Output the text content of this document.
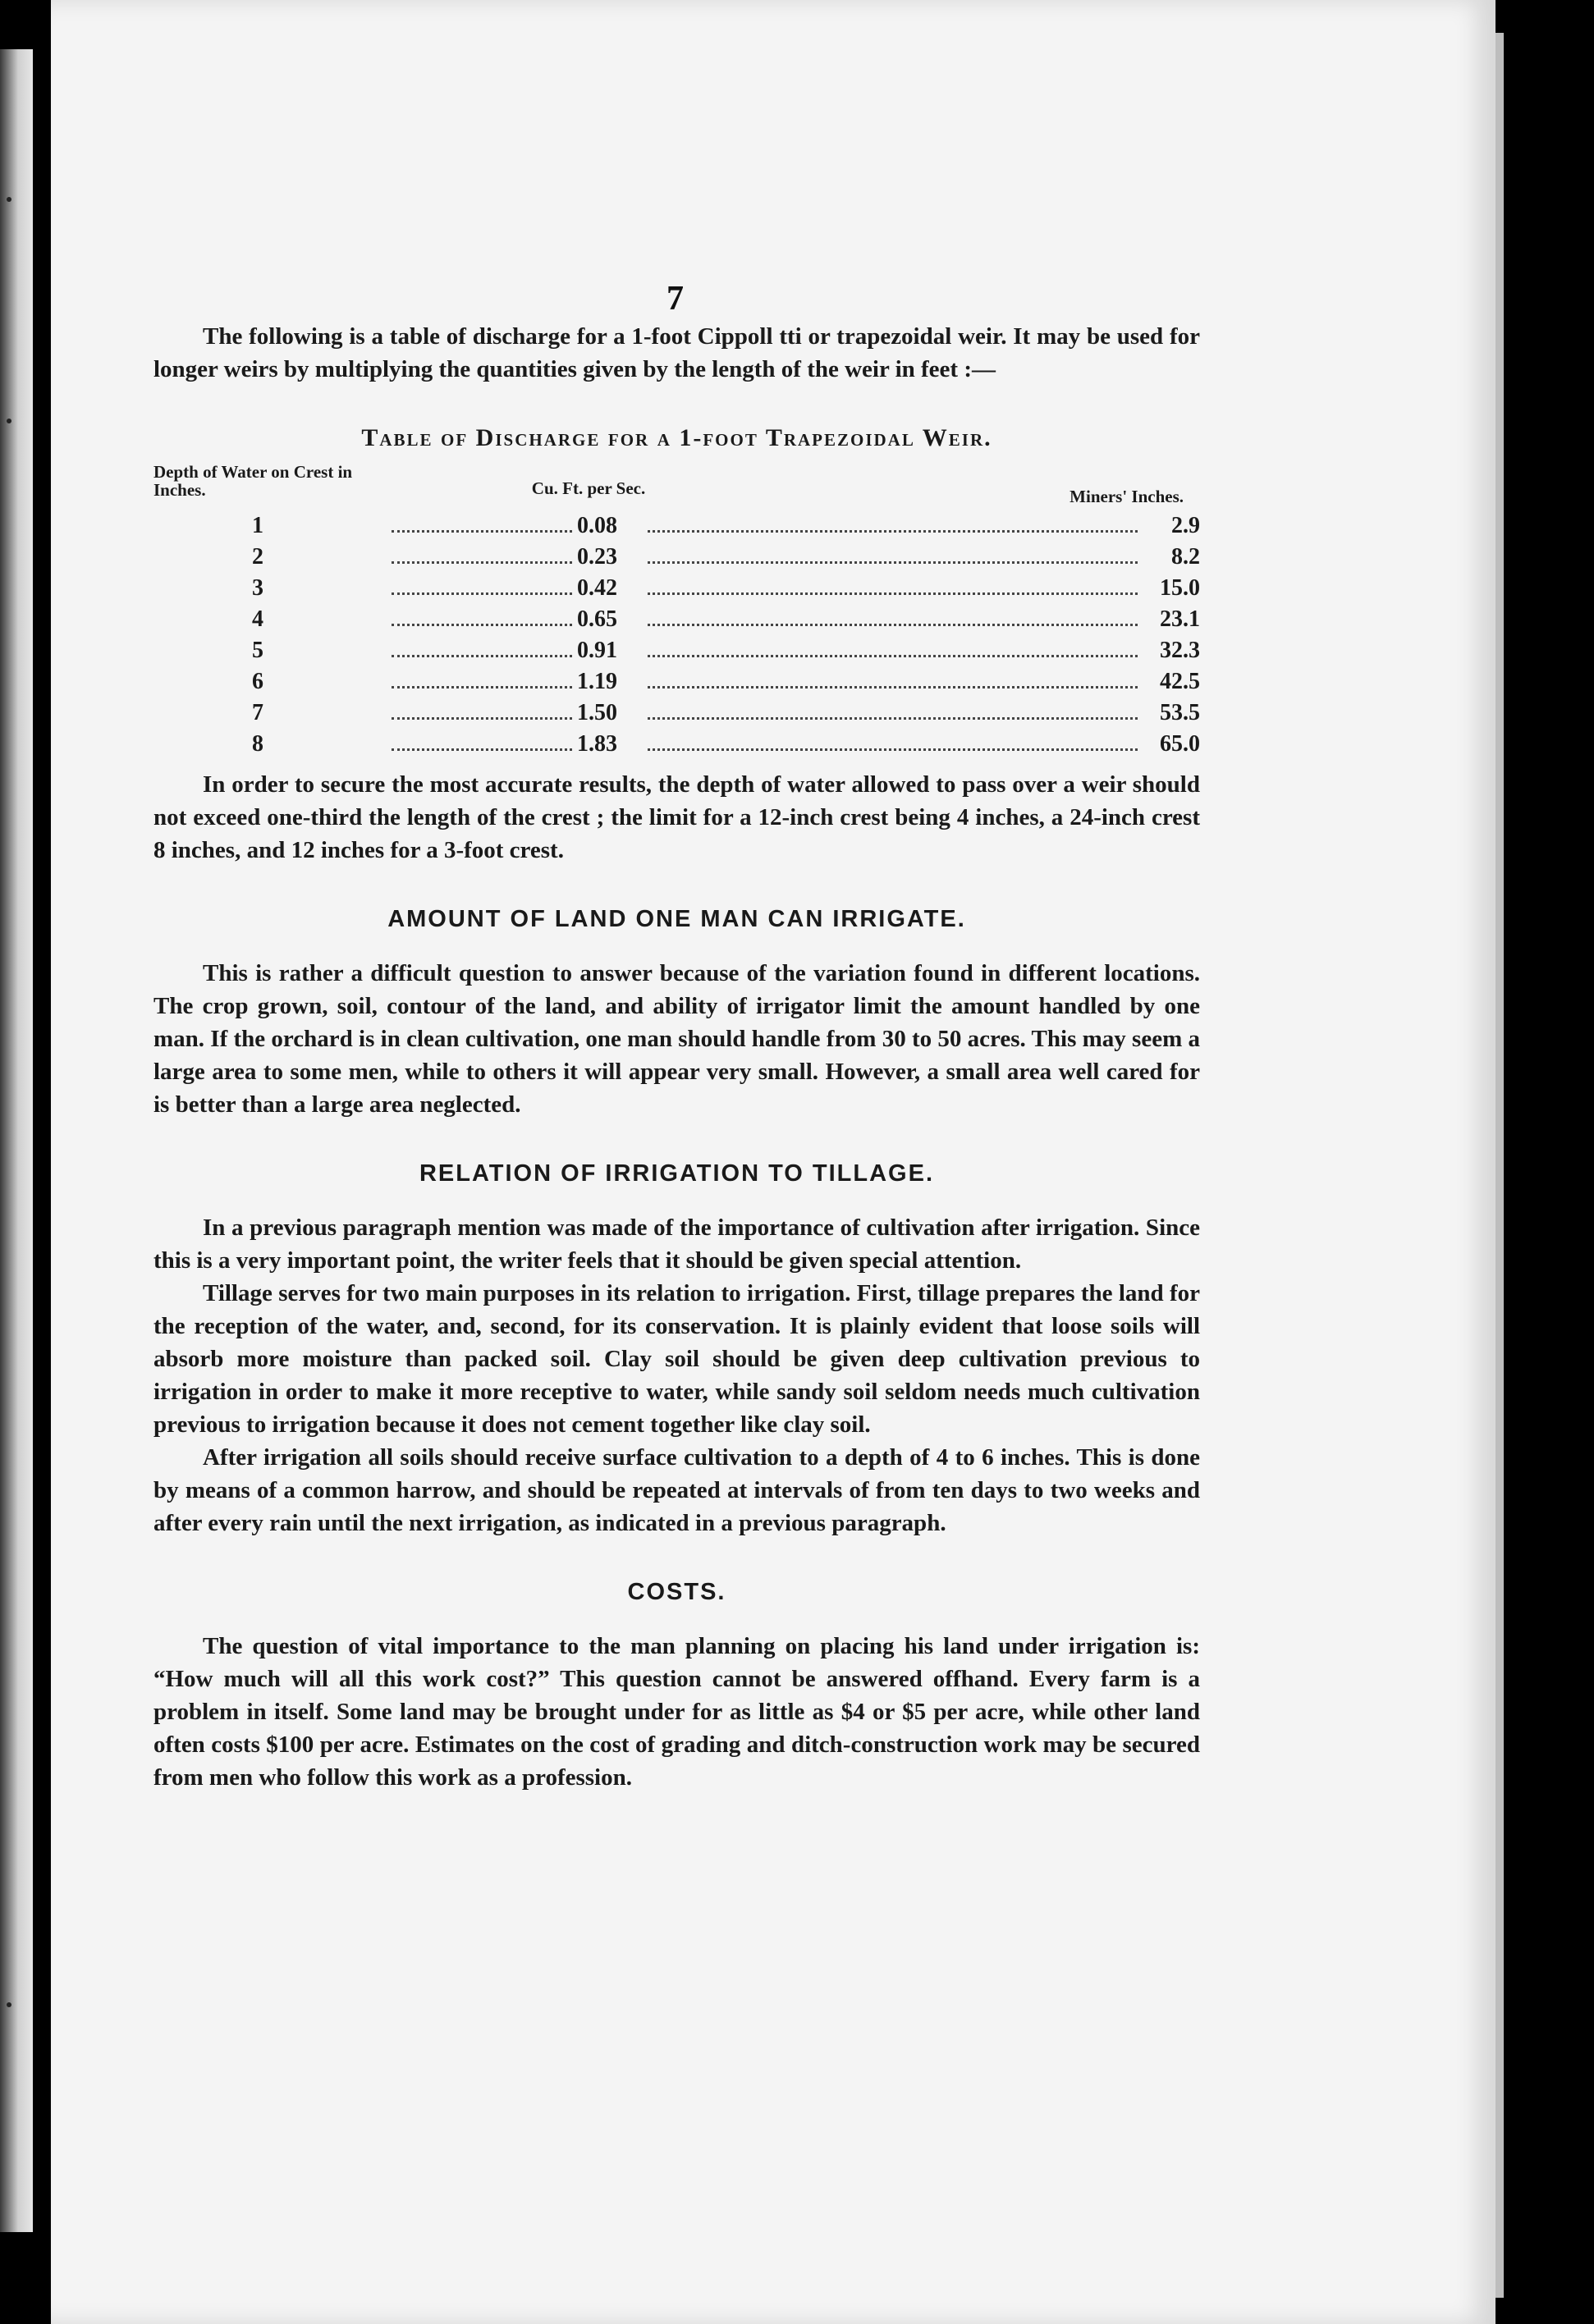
7

The following is a table of discharge for a 1-foot Cippoll tti or trapezoidal weir. It may be used for longer weirs by multiplying the quantities given by the length of the weir in feet :—

Table of Discharge for a 1-foot Trapezoidal Weir.
Depth of Water on Crest in Inches.	Cu. Ft. per Sec.	Miners' Inches.
1	0.08	2.9
2	0.23	8.2
3	0.42	15.0
4	0.65	23.1
5	0.91	32.3
6	1.19	42.5
7	1.50	53.5
8	1.83	65.0

In order to secure the most accurate results, the depth of water allowed to pass over a weir should not exceed one-third the length of the crest ; the limit for a 12-inch crest being 4 inches, a 24-inch crest 8 inches, and 12 inches for a 3-foot crest.

AMOUNT OF LAND ONE MAN CAN IRRIGATE.

This is rather a difficult question to answer because of the variation found in different locations. The crop grown, soil, contour of the land, and ability of irrigator limit the amount handled by one man. If the orchard is in clean cultivation, one man should handle from 30 to 50 acres. This may seem a large area to some men, while to others it will appear very small. However, a small area well cared for is better than a large area neglected.

RELATION OF IRRIGATION TO TILLAGE.

In a previous paragraph mention was made of the importance of cultivation after irrigation. Since this is a very important point, the writer feels that it should be given special attention.

Tillage serves for two main purposes in its relation to irrigation. First, tillage prepares the land for the reception of the water, and, second, for its conservation. It is plainly evident that loose soils will absorb more moisture than packed soil. Clay soil should be given deep cultivation previous to irrigation in order to make it more receptive to water, while sandy soil seldom needs much cultivation previous to irrigation because it does not cement together like clay soil.

After irrigation all soils should receive surface cultivation to a depth of 4 to 6 inches. This is done by means of a common harrow, and should be repeated at intervals of from ten days to two weeks and after every rain until the next irrigation, as indicated in a previous paragraph.

COSTS.

The question of vital importance to the man planning on placing his land under irrigation is: “How much will all this work cost?” This question cannot be answered offhand. Every farm is a problem in itself. Some land may be brought under for as little as $4 or $5 per acre, while other land often costs $100 per acre. Estimates on the cost of grading and ditch-construction work may be secured from men who follow this work as a profession.
